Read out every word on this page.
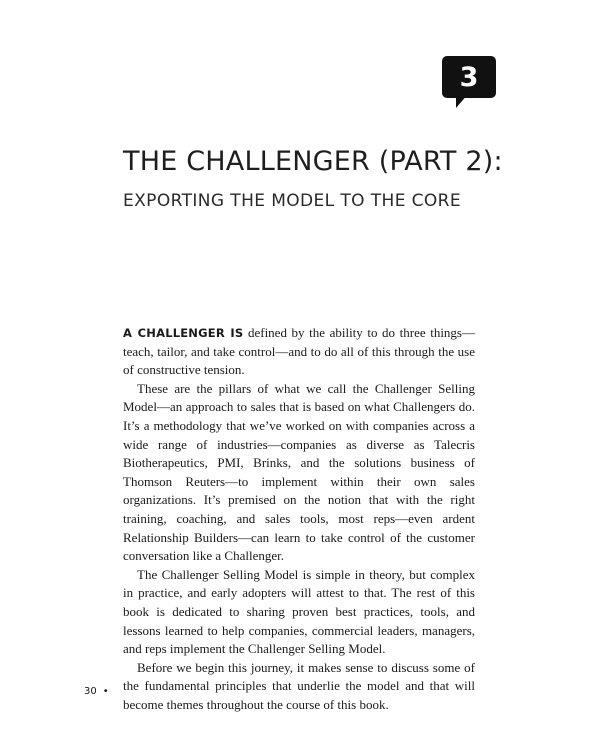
3
THE CHALLENGER (PART 2):
EXPORTING THE MODEL TO THE CORE

A CHALLENGER IS defined by the ability to do three things—teach, tailor, and take control—and to do all of this through the use of constructive tension.

These are the pillars of what we call the Challenger Selling Model—an approach to sales that is based on what Challengers do. It’s a methodology that we’ve worked on with companies across a wide range of industries—companies as diverse as Talecris Biotherapeutics, PMI, Brinks, and the solutions business of Thomson Reuters—to implement within their own sales organizations. It’s premised on the notion that with the right training, coaching, and sales tools, most reps—even ardent Relationship Builders—can learn to take control of the customer conversation like a Challenger.

The Challenger Selling Model is simple in theory, but complex in practice, and early adopters will attest to that. The rest of this book is dedicated to sharing proven best practices, tools, and lessons learned to help companies, commercial leaders, managers, and reps implement the Challenger Selling Model.

Before we begin this journey, it makes sense to discuss some of the fundamental principles that underlie the model and that will become themes throughout the course of this book.

30 •
